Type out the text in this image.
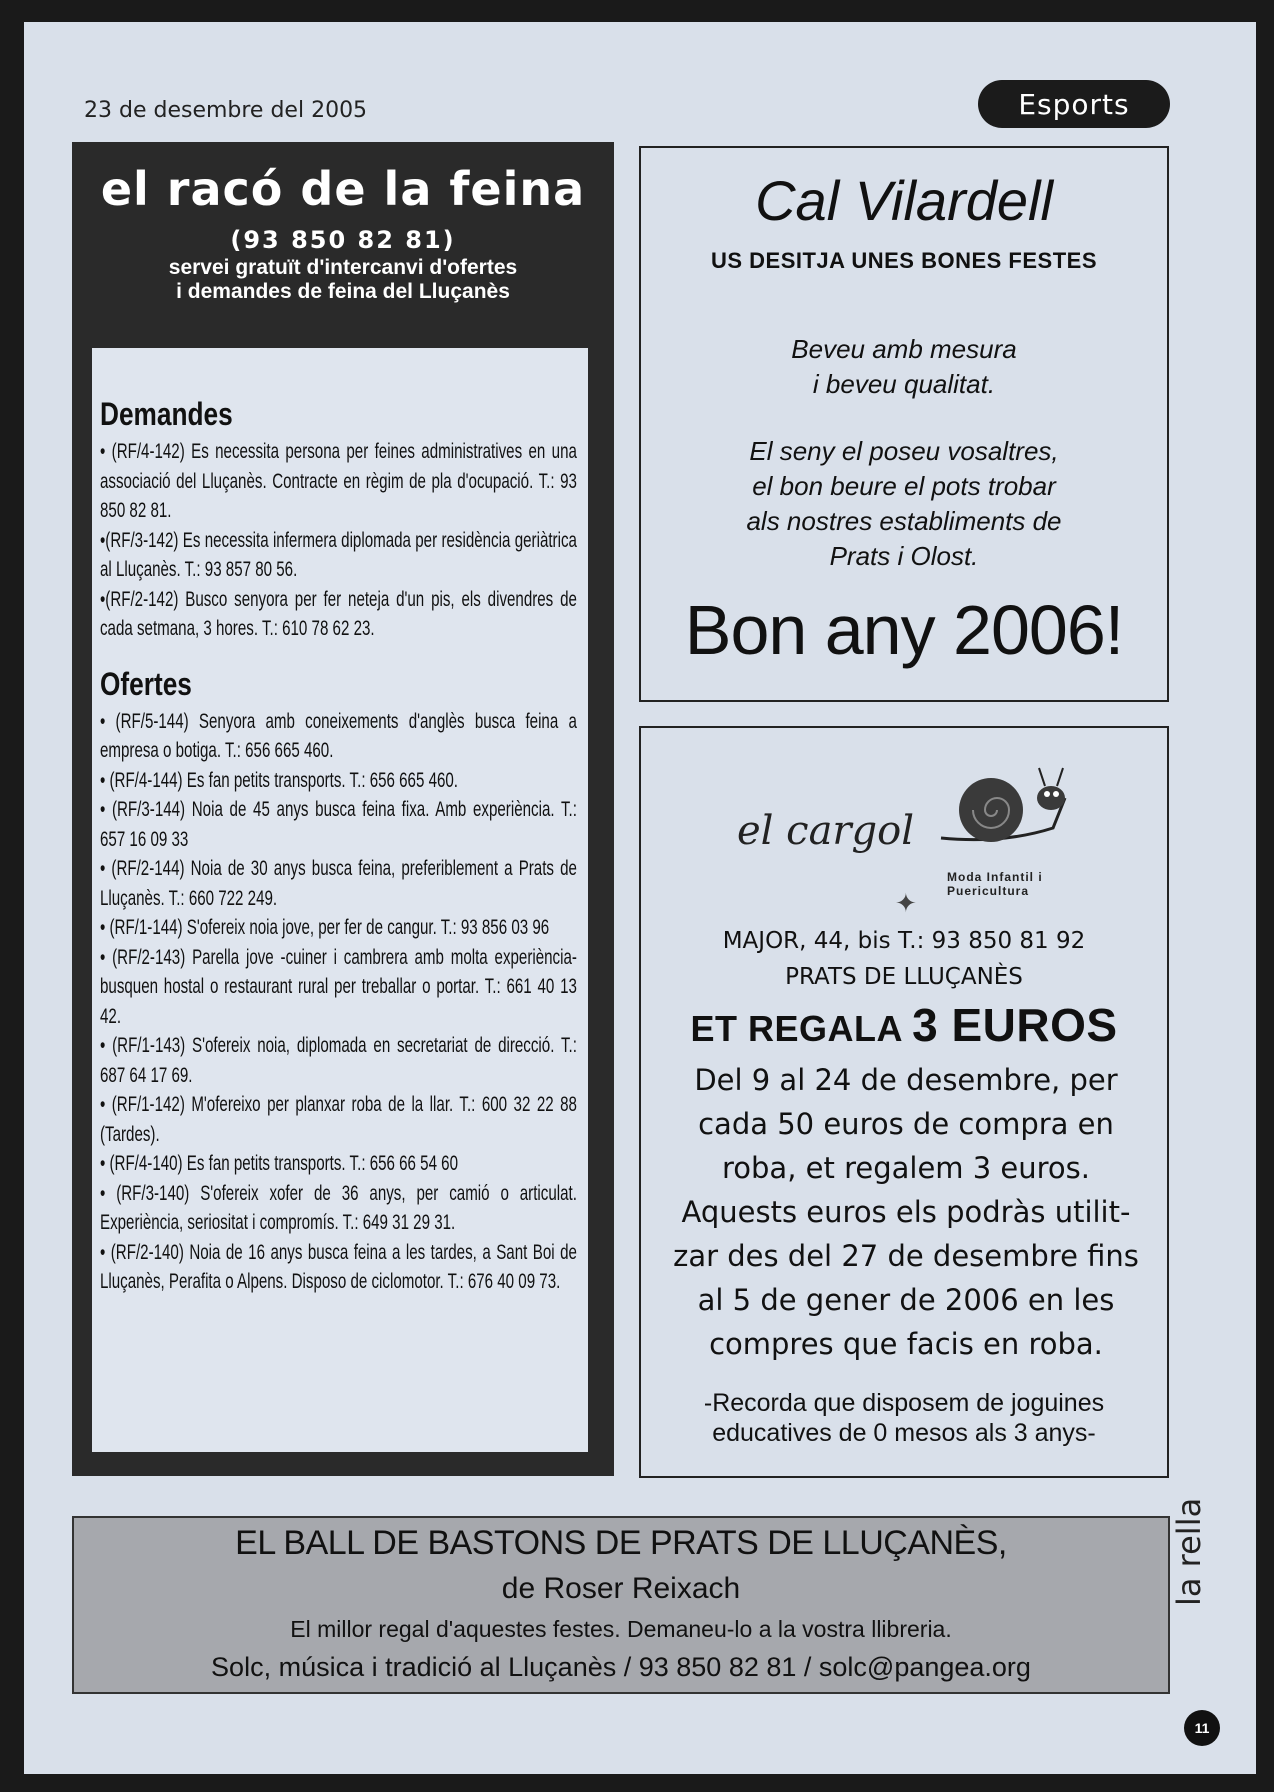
23 de desembre del 2005	Esports
el racó de la feina
(93 850 82 81)
servei gratuït d'intercanvi d'ofertes
i demandes de feina del Lluçanès
Demandes
• (RF/4-142) Es necessita persona per feines administratives en una associació del Lluçanès. Contracte en règim de pla d'ocupació. T.: 93 850 82 81.
•(RF/3-142) Es necessita infermera diplomada per residència geriàtrica al Lluçanès. T.: 93 857 80 56.
•(RF/2-142) Busco senyora per fer neteja d'un pis, els divendres de cada setmana, 3 hores. T.: 610 78 62 23.
Ofertes
• (RF/5-144) Senyora amb coneixements d'anglès busca feina a empresa o botiga. T.: 656 665 460.
• (RF/4-144) Es fan petits transports. T.: 656 665 460.
• (RF/3-144) Noia de 45 anys busca feina fixa. Amb experiència. T.: 657 16 09 33
• (RF/2-144) Noia de 30 anys busca feina, preferiblement a Prats de Lluçanès. T.: 660 722 249.
• (RF/1-144) S'ofereix noia jove, per fer de cangur. T.: 93 856 03 96
• (RF/2-143) Parella jove -cuiner i cambrera amb molta experiència- busquen hostal o restaurant rural per treballar o portar. T.: 661 40 13 42.
• (RF/1-143) S'ofereix noia, diplomada en secretariat de direcció. T.: 687 64 17 69.
• (RF/1-142) M'ofereixo per planxar roba de la llar. T.: 600 32 22 88 (Tardes).
• (RF/4-140) Es fan petits transports. T.: 656 66 54 60
• (RF/3-140) S'ofereix xofer de 36 anys, per camió o articulat. Experiència, seriositat i compromís. T.: 649 31 29 31.
• (RF/2-140) Noia de 16 anys busca feina a les tardes, a Sant Boi de Lluçanès, Perafita o Alpens. Disposo de ciclomotor. T.: 676 40 09 73.
Cal Vilardell
US DESITJA UNES BONES FESTES
Beveu amb mesura
i beveu qualitat.
El seny el poseu vosaltres,
el bon beure el pots trobar
als nostres establiments de
Prats i Olost.
Bon any 2006!
el cargol
Moda Infantil i
Puericultura
✦
MAJOR, 44, bis T.: 93 850 81 92
PRATS DE LLUÇANÈS
ET REGALA 3 EUROS
Del 9 al 24 de desembre, per
cada 50 euros de compra en
roba, et regalem 3 euros.
Aquests euros els podràs utilit-
zar des del 27 de desembre fins
al 5 de gener de 2006 en les
compres que facis en roba.
-Recorda que disposem de joguines
educatives de 0 mesos als 3 anys-
EL BALL DE BASTONS DE PRATS DE LLUÇANÈS,
de Roser Reixach
El millor regal d'aquestes festes. Demaneu-lo a la vostra llibreria.
Solc, música i tradició al Lluçanès / 93 850 82 81 / solc@pangea.org
la rella
11
